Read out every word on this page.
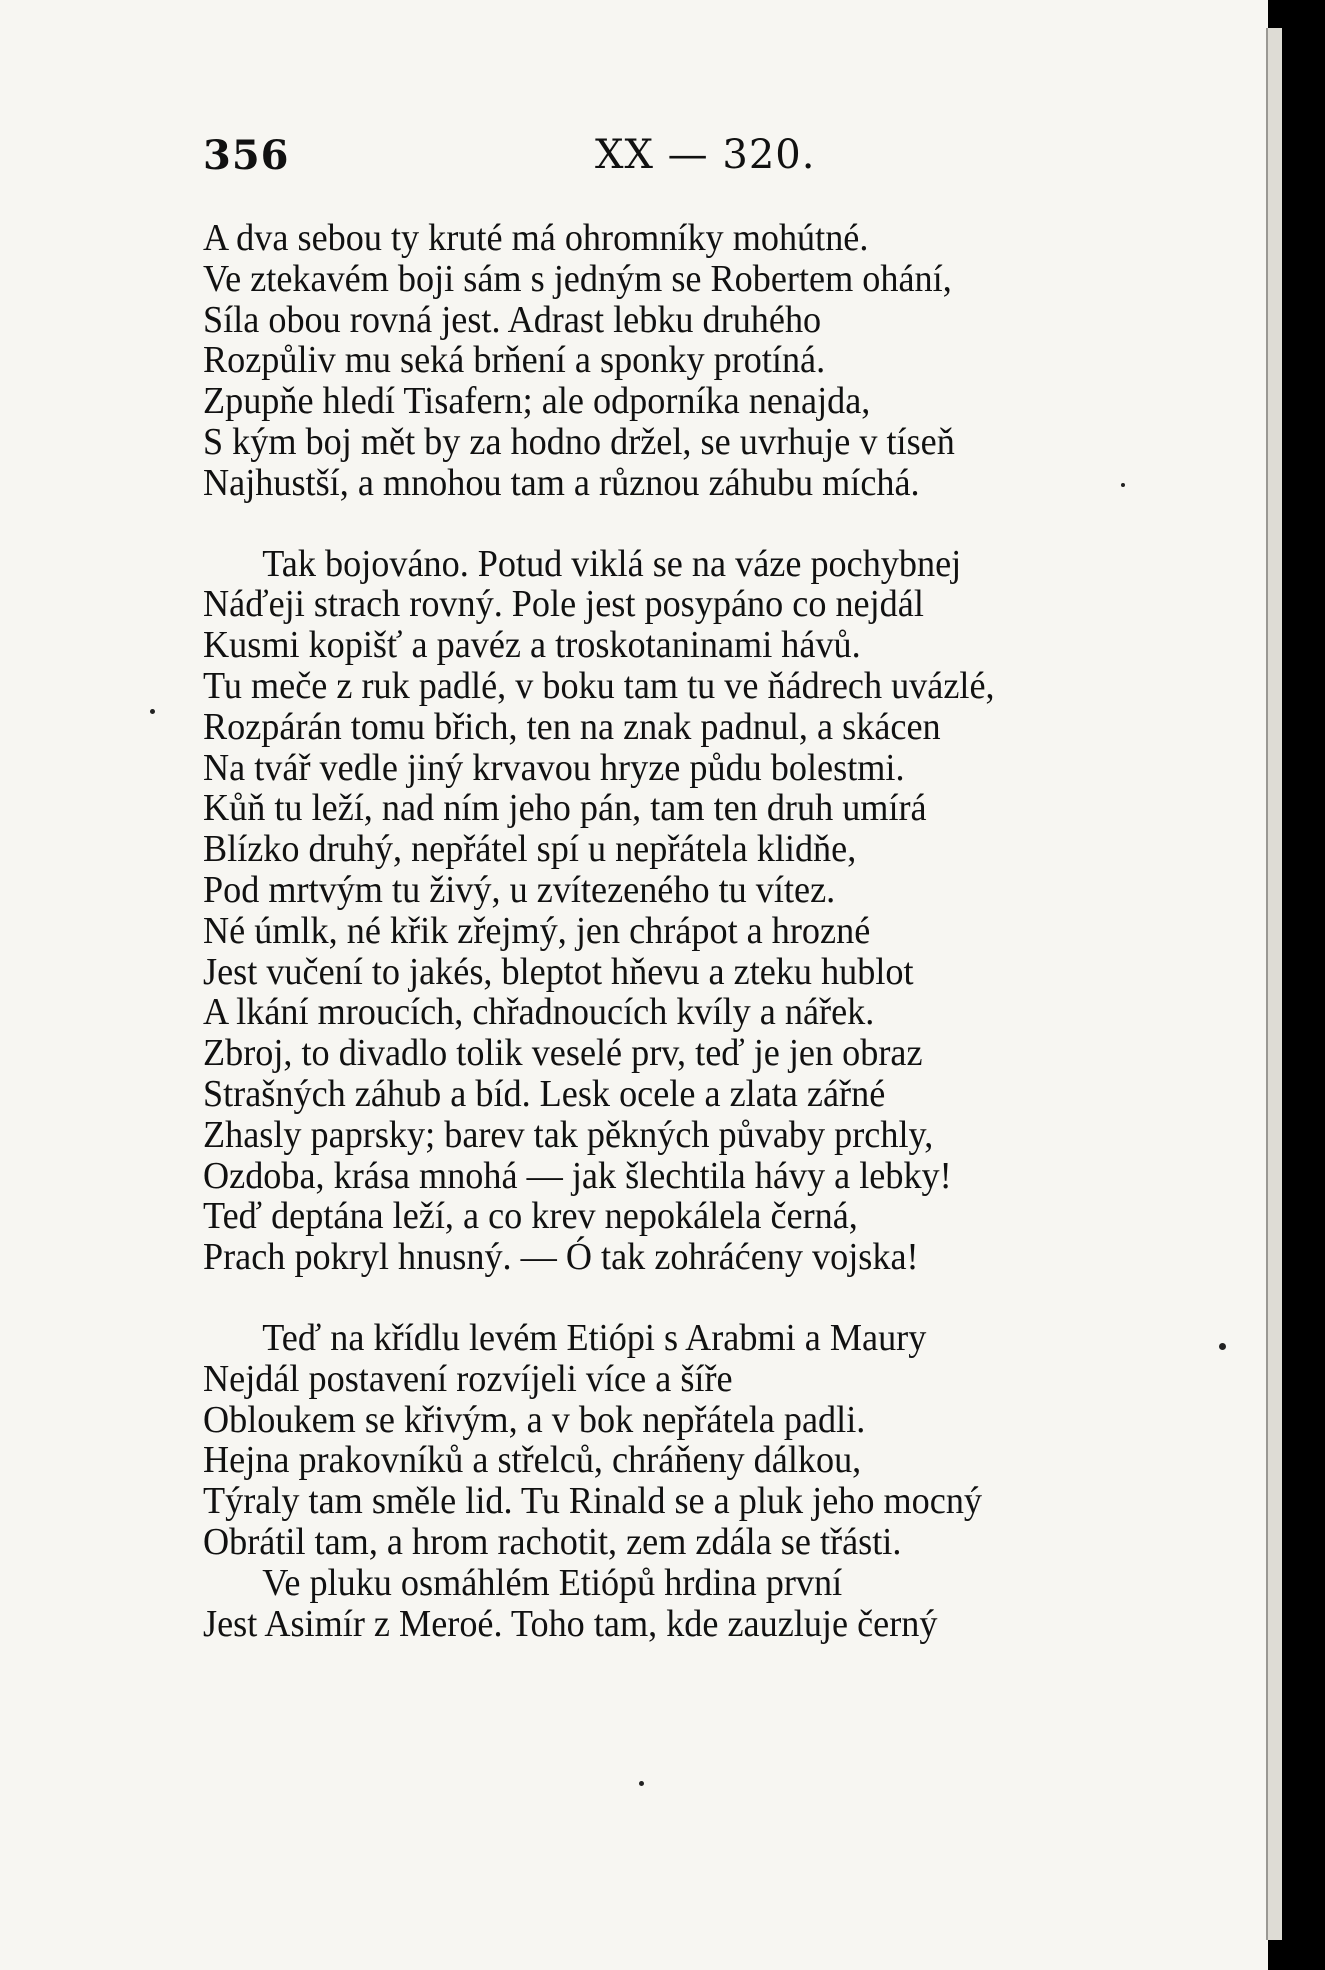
356	XX — 320.
A dva sebou ty kruté má ohromníky mohútné.
Ve ztekavém boji sám s jedným se Robertem ohání,
Síla obou rovná jest. Adrast lebku druhého
Rozpůliv mu seká brňení a sponky protíná.
Zpupňe hledí Tisafern; ale odporníka nenajda,
S kým boj mět by za hodno držel, se uvrhuje v tíseň
Najhustší, a mnohou tam a různou záhubu míchá.
Tak bojováno. Potud viklá se na váze pochybnej
Náďeji strach rovný. Pole jest posypáno co nejdál
Kusmi kopišť a pavéz a troskotaninami hávů.
Tu meče z ruk padlé, v boku tam tu ve ňádrech uvázlé,
Rozpárán tomu břich, ten na znak padnul, a skácen
Na tvář vedle jiný krvavou hryze půdu bolestmi.
Kůň tu leží, nad ním jeho pán, tam ten druh umírá
Blízko druhý, nepřátel spí u nepřátela klidňe,
Pod mrtvým tu živý, u zvítezeného tu vítez.
Né úmlk, né křik zřejmý, jen chrápot a hrozné
Jest vučení to jakés, bleptot hňevu a zteku hublot
A lkání mroucích, chřadnoucích kvíly a nářek.
Zbroj, to divadlo tolik veselé prv, teď je jen obraz
Strašných záhub a bíd. Lesk ocele a zlata zářné
Zhasly paprsky; barev tak pěkných půvaby prchly,
Ozdoba, krása mnohá — jak šlechtila hávy a lebky!
Teď deptána leží, a co krev nepokálela černá,
Prach pokryl hnusný. — Ó tak zohráćeny vojska!
Teď na křídlu levém Etiópi s Arabmi a Maury
Nejdál postavení rozvíjeli více a šíře
Obloukem se křivým, a v bok nepřátela padli.
Hejna prakovníků a střelců, chráňeny dálkou,
Týraly tam směle lid. Tu Rinald se a pluk jeho mocný
Obrátil tam, a hrom rachotit, zem zdála se třásti.
Ve pluku osmáhlém Etiópů hrdina první
Jest Asimír z Meroé. Toho tam, kde zauzluje černý
